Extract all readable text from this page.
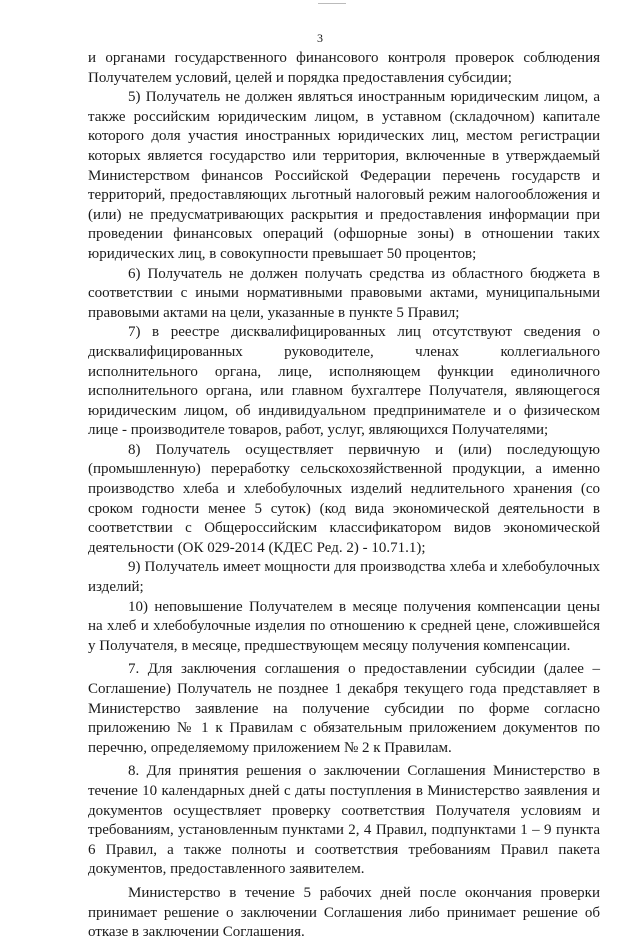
3

и органами государственного финансового контроля проверок соблюдения Получателем условий, целей и порядка предоставления субсидии;

5) Получатель не должен являться иностранным юридическим лицом, а также российским юридическим лицом, в уставном (складочном) капитале которого доля участия иностранных юридических лиц, местом регистрации которых является государство или территория, включенные в утверждаемый Министерством финансов Российской Федерации перечень государств и территорий, предоставляющих льготный налоговый режим налогообложения и (или) не предусматривающих раскрытия и предоставления информации при проведении финансовых операций (офшорные зоны) в отношении таких юридических лиц, в совокупности превышает 50 процентов;

6) Получатель не должен получать средства из областного бюджета в соответствии с иными нормативными правовыми актами, муниципальными правовыми актами на цели, указанные в пункте 5 Правил;

7) в реестре дисквалифицированных лиц отсутствуют сведения о дисквалифицированных руководителе, членах коллегиального исполнительного органа, лице, исполняющем функции единоличного исполнительного органа, или главном бухгалтере Получателя, являющегося юридическим лицом, об индивидуальном предпринимателе и о физическом лице - производителе товаров, работ, услуг, являющихся Получателями;

8) Получатель осуществляет первичную и (или) последующую (промышленную) переработку сельскохозяйственной продукции, а именно производство хлеба и хлебобулочных изделий недлительного хранения (со сроком годности менее 5 суток) (код вида экономической деятельности в соответствии с Общероссийским классификатором видов экономической деятельности (ОК 029-2014 (КДЕС Ред. 2) - 10.71.1);

9) Получатель имеет мощности для производства хлеба и хлебобулочных изделий;

10) неповышение Получателем в месяце получения компенсации цены на хлеб и хлебобулочные изделия по отношению к средней цене, сложившейся у Получателя, в месяце, предшествующем месяцу получения компенсации.

7. Для заключения соглашения о предоставлении субсидии (далее – Соглашение) Получатель не позднее 1 декабря текущего года представляет в Министерство заявление на получение субсидии по форме согласно приложению № 1 к Правилам с обязательным приложением документов по перечню, определяемому приложением № 2 к Правилам.

8. Для принятия решения о заключении Соглашения Министерство в течение 10 календарных дней с даты поступления в Министерство заявления и документов осуществляет проверку соответствия Получателя условиям и требованиям, установленным пунктами 2, 4 Правил, подпунктами 1 – 9 пункта 6 Правил, а также полноты и соответствия требованиям Правил пакета документов, предоставленного заявителем.

Министерство в течение 5 рабочих дней после окончания проверки принимает решение о заключении Соглашения либо принимает решение об отказе в заключении Соглашения.
